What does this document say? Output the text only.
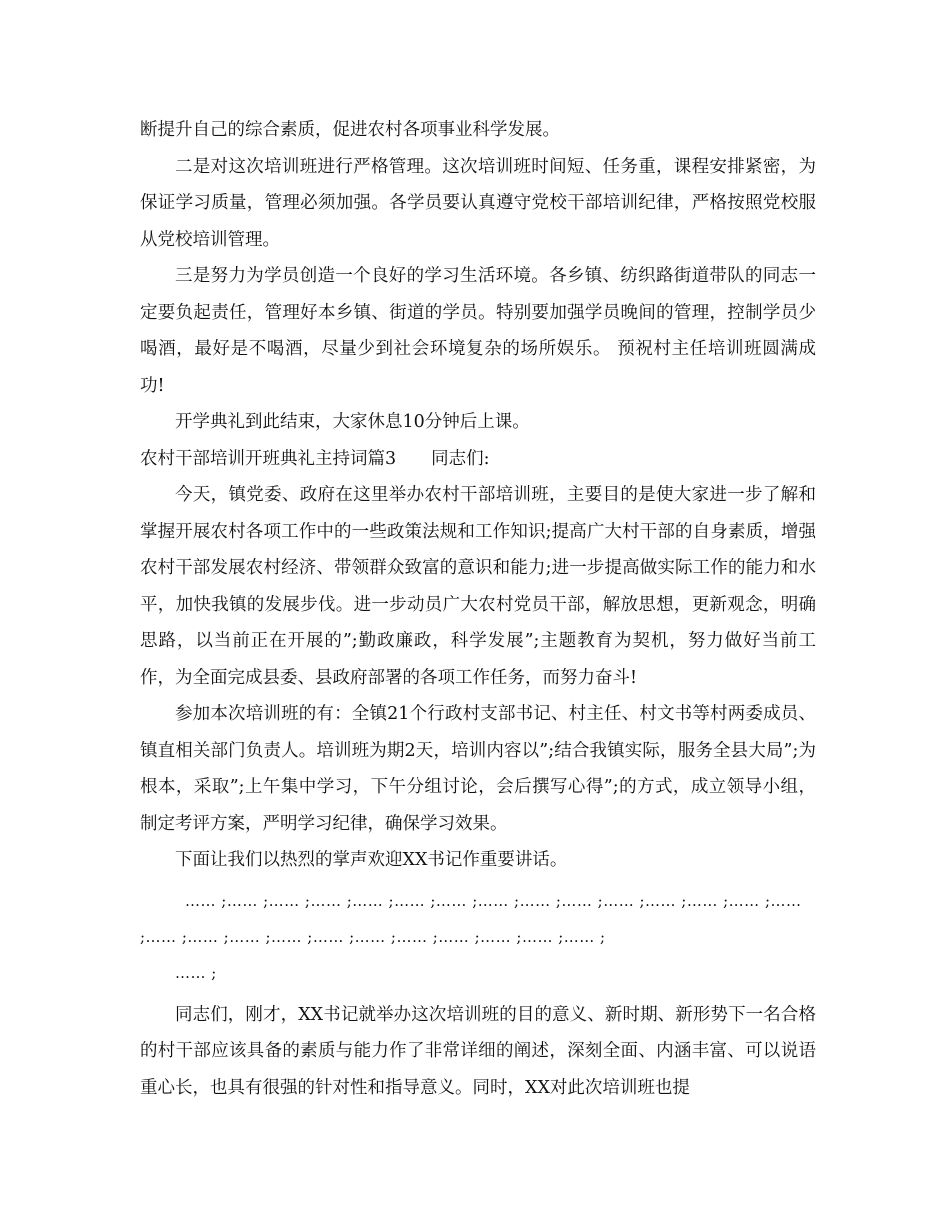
断提升自己的综合素质，促进农村各项事业科学发展。

二是对这次培训班进行严格管理。这次培训班时间短、任务重，课程安排紧密，为保证学习质量，管理必须加强。各学员要认真遵守党校干部培训纪律，严格按照党校服从党校培训管理。

三是努力为学员创造一个良好的学习生活环境。各乡镇、纺织路街道带队的同志一定要负起责任，管理好本乡镇、街道的学员。特别要加强学员晚间的管理，控制学员少喝酒，最好是不喝酒，尽量少到社会环境复杂的场所娱乐。 预祝村主任培训班圆满成功!

开学典礼到此结束，大家休息10分钟后上课。

农村干部培训开班典礼主持词篇3　　同志们:

今天，镇党委、政府在这里举办农村干部培训班，主要目的是使大家进一步了解和掌握开展农村各项工作中的一些政策法规和工作知识;提高广大村干部的自身素质，增强农村干部发展农村经济、带领群众致富的意识和能力;进一步提高做实际工作的能力和水平，加快我镇的发展步伐。进一步动员广大农村党员干部，解放思想，更新观念，明确思路，以当前正在开展的”;勤政廉政，科学发展”;主题教育为契机，努力做好当前工作，为全面完成县委、县政府部署的各项工作任务，而努力奋斗!

参加本次培训班的有：全镇21个行政村支部书记、村主任、村文书等村两委成员、镇直相关部门负责人。培训班为期2天，培训内容以”;结合我镇实际，服务全县大局”;为根本，采取”;上午集中学习，下午分组讨论，会后撰写心得”;的方式，成立领导小组，制定考评方案，严明学习纪律，确保学习效果。

下面让我们以热烈的掌声欢迎XX书记作重要讲话。

…… ;…… ;…… ;…… ;…… ;…… ;…… ;…… ;…… ;…… ;…… ;…… ;…… ;…… ;…… ;…… ;…… ;…… ;…… ;…… ;…… ;…… ;…… ;…… ;…… ;…… ;

…… ;

同志们，刚才，XX书记就举办这次培训班的目的意义、新时期、新形势下一名合格的村干部应该具备的素质与能力作了非常详细的阐述，深刻全面、内涵丰富、可以说语重心长，也具有很强的针对性和指导意义。同时，XX对此次培训班也提
